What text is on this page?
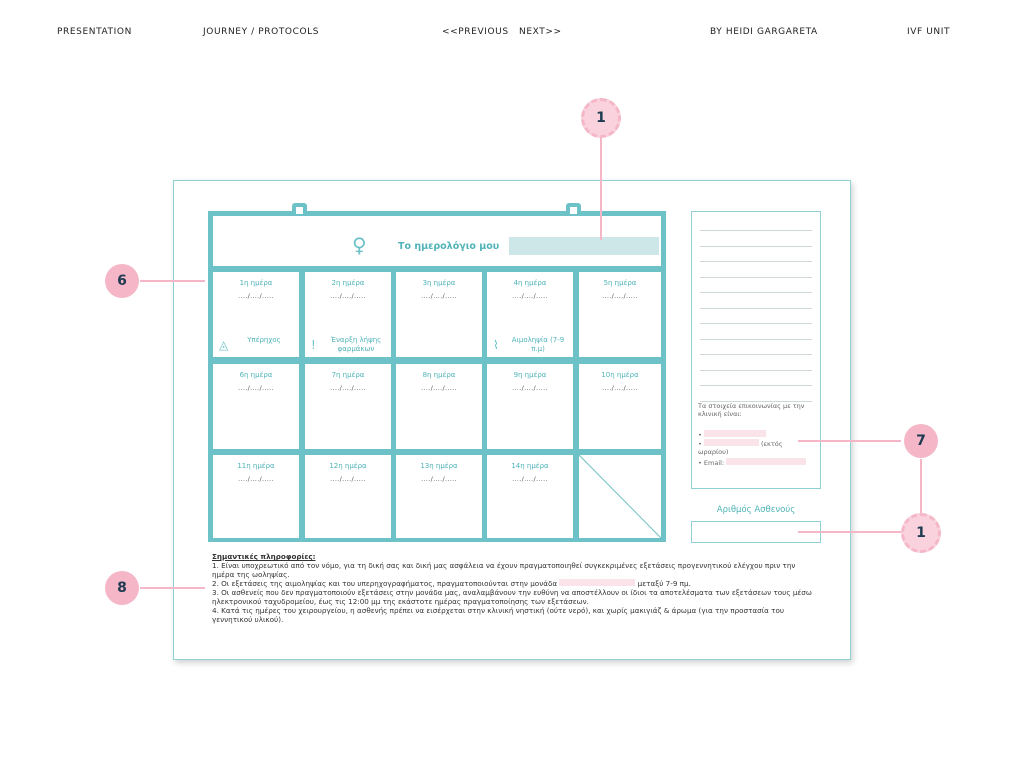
PRESENTATION	JOURNEY / PROTOCOLS	<<PREVIOUS NEXT>>	BY HEIDI GARGARETA	IVF UNIT
♀	Το ημερολόγιο μου
1η ημέρα
..../..../.....
◬	Υπέρηχος
2η ημέρα
..../..../.....
!	Έναρξη λήψης φαρμάκων
3η ημέρα
..../..../.....
4η ημέρα
..../..../.....
⌇	Αιμοληψία (7-9 π.μ)
5η ημέρα
..../..../.....
6η ημέρα
..../..../.....
7η ημέρα
..../..../.....
8η ημέρα
..../..../.....
9η ημέρα
..../..../.....
10η ημέρα
..../..../.....
11η ημέρα
..../..../.....
12η ημέρα
..../..../.....
13η ημέρα
..../..../.....
14η ημέρα
..../..../.....
Τα στοιχεία επικοινωνίας με την κλινική είναι:
•
•	(εκτός ωραρίου)
• Email:
Αριθμός Ασθενούς
Σημαντικές πληροφορίες:
1. Είναι υποχρεωτικό από τον νόμο, για τη δική σας και δική μας ασφάλεια να έχουν πραγματοποιηθεί συγκεκριμένες εξετάσεις προγεννητικού ελέγχου πριν την ημέρα της ωοληψίας.
2. Οι εξετάσεις της αιμοληψίας και του υπερηχογραφήματος, πραγματοποιούνται στην μονάδα	μεταξύ 7-9 πμ.
3. Οι ασθενείς που δεν πραγματοποιούν εξετάσεις στην μονάδα μας, αναλαμβάνουν την ευθύνη να αποστέλλουν οι ίδιοι τα αποτελέσματα των εξετάσεων τους μέσω ηλεκτρονικού ταχυδρομείου, έως τις 12:00 μμ της εκάστοτε ημέρας πραγματοποίησης των εξετάσεων.
4. Κατά τις ημέρες του χειρουργείου, η ασθενής πρέπει να εισέρχεται στην κλινική νηστική (ούτε νερό), και χωρίς μακιγιάζ & άρωμα (για την προστασία του γεννητικού υλικού).
1
6
7
1
8
